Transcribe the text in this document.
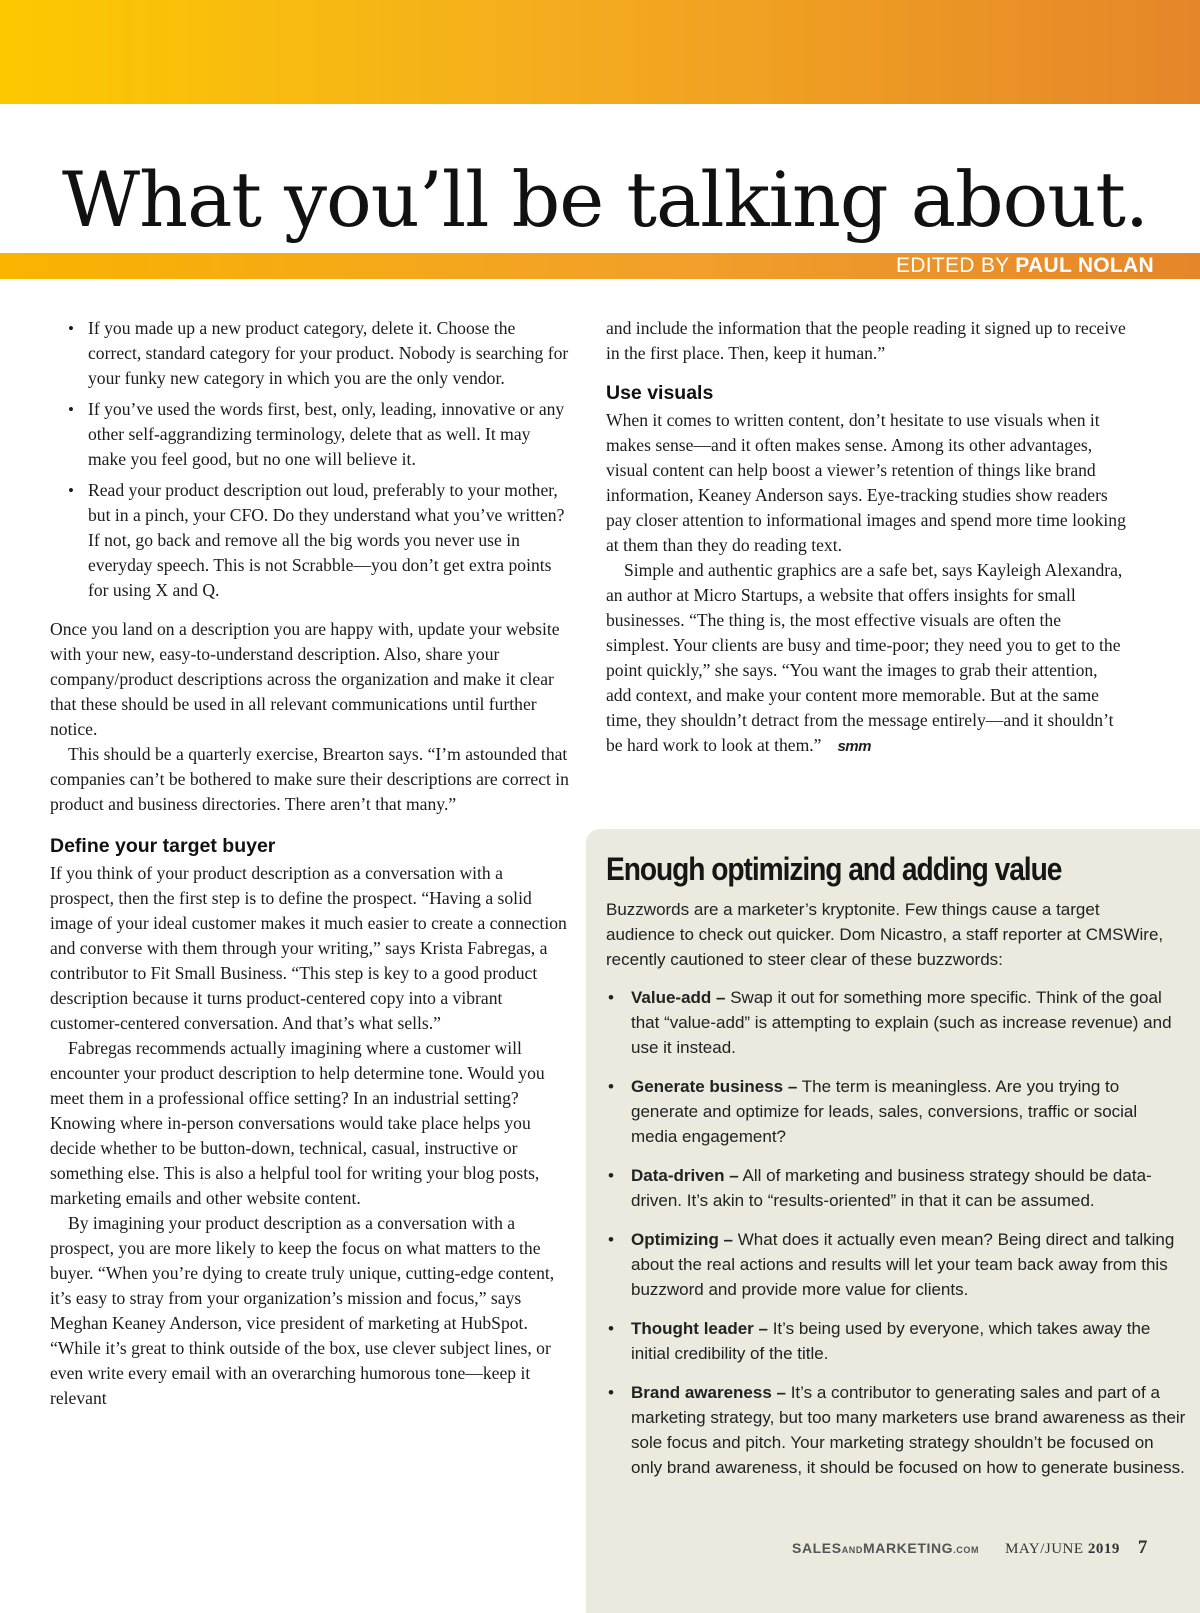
What you’ll be talking about.
EDITED BY PAUL NOLAN
• If you made up a new product category, delete it. Choose the correct, standard category for your product. Nobody is searching for your funky new category in which you are the only vendor.
• If you’ve used the words first, best, only, leading, innovative or any other self-aggrandizing terminology, delete that as well. It may make you feel good, but no one will believe it.
• Read your product description out loud, preferably to your mother, but in a pinch, your CFO. Do they understand what you’ve written? If not, go back and remove all the big words you never use in everyday speech. This is not Scrabble—you don’t get extra points for using X and Q.

Once you land on a description you are happy with, update your website with your new, easy-to-understand description. Also, share your company/product descriptions across the organization and make it clear that these should be used in all relevant communications until further notice.

This should be a quarterly exercise, Brearton says. “I’m astounded that companies can’t be bothered to make sure their descriptions are correct in product and business directories. There aren’t that many.”

Define your target buyer

If you think of your product description as a conversation with a prospect, then the first step is to define the prospect. “Having a solid image of your ideal customer makes it much easier to create a connection and converse with them through your writing,” says Krista Fabregas, a contributor to Fit Small Business. “This step is key to a good product description because it turns product-centered copy into a vibrant customer-centered conversation. And that’s what sells.”

Fabregas recommends actually imagining where a customer will encounter your product description to help determine tone. Would you meet them in a professional office setting? In an industrial setting? Knowing where in-person conversations would take place helps you decide whether to be button-down, technical, casual, instructive or something else. This is also a helpful tool for writing your blog posts, marketing emails and other website content.

By imagining your product description as a conversation with a prospect, you are more likely to keep the focus on what matters to the buyer. “When you’re dying to create truly unique, cutting-edge content, it’s easy to stray from your organization’s mission and focus,” says Meghan Keaney Anderson, vice president of marketing at HubSpot. “While it’s great to think outside of the box, use clever subject lines, or even write every email with an overarching humorous tone—keep it relevant

and include the information that the people reading it signed up to receive in the first place. Then, keep it human.”

Use visuals

When it comes to written content, don’t hesitate to use visuals when it makes sense—and it often makes sense. Among its other advantages, visual content can help boost a viewer’s retention of things like brand information, Keaney Anderson says. Eye-tracking studies show readers pay closer attention to informational images and spend more time looking at them than they do reading text.

Simple and authentic graphics are a safe bet, says Kayleigh Alexandra, an author at Micro Startups, a website that offers insights for small businesses. “The thing is, the most effective visuals are often the simplest. Your clients are busy and time-poor; they need you to get to the point quickly,” she says. “You want the images to grab their attention, add context, and make your content more memorable. But at the same time, they shouldn’t detract from the message entirely—and it shouldn’t be hard work to look at them.” smm

Enough optimizing and adding value

Buzzwords are a marketer’s kryptonite. Few things cause a target audience to check out quicker. Dom Nicastro, a staff reporter at CMSWire, recently cautioned to steer clear of these buzzwords:

• Value-add – Swap it out for something more specific. Think of the goal that “value-add” is attempting to explain (such as increase revenue) and use it instead.
• Generate business – The term is meaningless. Are you trying to generate and optimize for leads, sales, conversions, traffic or social media engagement?
• Data-driven – All of marketing and business strategy should be data-driven. It’s akin to “results-oriented” in that it can be assumed.
• Optimizing – What does it actually even mean? Being direct and talking about the real actions and results will let your team back away from this buzzword and provide more value for clients.
• Thought leader – It’s being used by everyone, which takes away the initial credibility of the title.
• Brand awareness – It’s a contributor to generating sales and part of a marketing strategy, but too many marketers use brand awareness as their sole focus and pitch. Your marketing strategy shouldn’t be focused on only brand awareness, it should be focused on how to generate business.
SALESANDMARKETING.COM MAY/JUNE 2019 7
